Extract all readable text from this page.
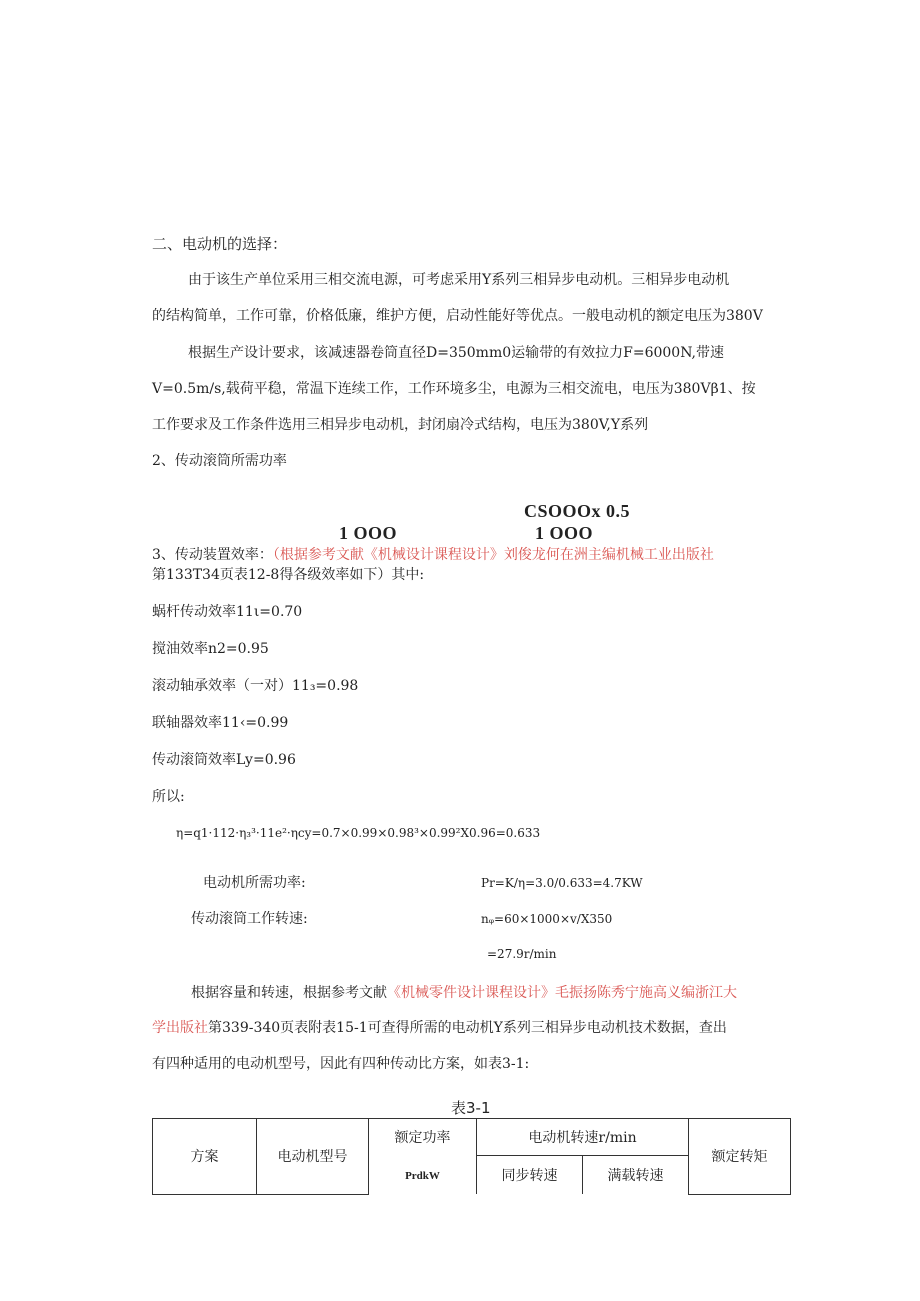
二、电动机的选择：
由于该生产单位采用三相交流电源，可考虑采用Y系列三相异步电动机。三相异步电动机
的结构简单，工作可靠，价格低廉，维护方便，启动性能好等优点。一般电动机的额定电压为380V
根据生产设计要求，该减速器卷筒直径D=350mm0运输带的有效拉力F=6000N,带速
V=0.5m/s,载荷平稳，常温下连续工作，工作环境多尘，电源为三相交流电，电压为380Vβ1、按
工作要求及工作条件选用三相异步电动机，封闭扇冷式结构，电压为380V,Y系列
2、传动滚筒所需功率
CSOOOx 0.5
1 OOO	1 OOO
3、传动装置效率：（根据参考文献《机械设计课程设计》刘俊龙何在洲主编机械工业出版社
第133T34页表12-8得各级效率如下）其中:
蜗杆传动效率11ι=0.70
搅油效率n2=0.95
滚动轴承效率（一对）11₃=0.98
联轴器效率11‹=0.99
传动滚筒效率Ly=0.96
所以:
η=q1·112·η₃³·11e²·ηcy=0.7×0.99×0.98³×0.99²X0.96=0.633
电动机所需功率:	Pr=K/η=3.0/0.633=4.7KW
传动滚筒工作转速:	nᵩ=60×1000×v/X350
=27.9r/min
根据容量和转速，根据参考文献《机械零件设计课程设计》毛振扬陈秀宁施高义编浙江大
学出版社第339-340页表附表15-1可查得所需的电动机Y系列三相异步电动机技术数据，查出
有四种适用的电动机型号，因此有四种传动比方案，如表3-1:
表3-1
方案	电动机型号	额定功率	电动机转速r/min		额定转矩
		PrdkW	同步转速	满载转速	
